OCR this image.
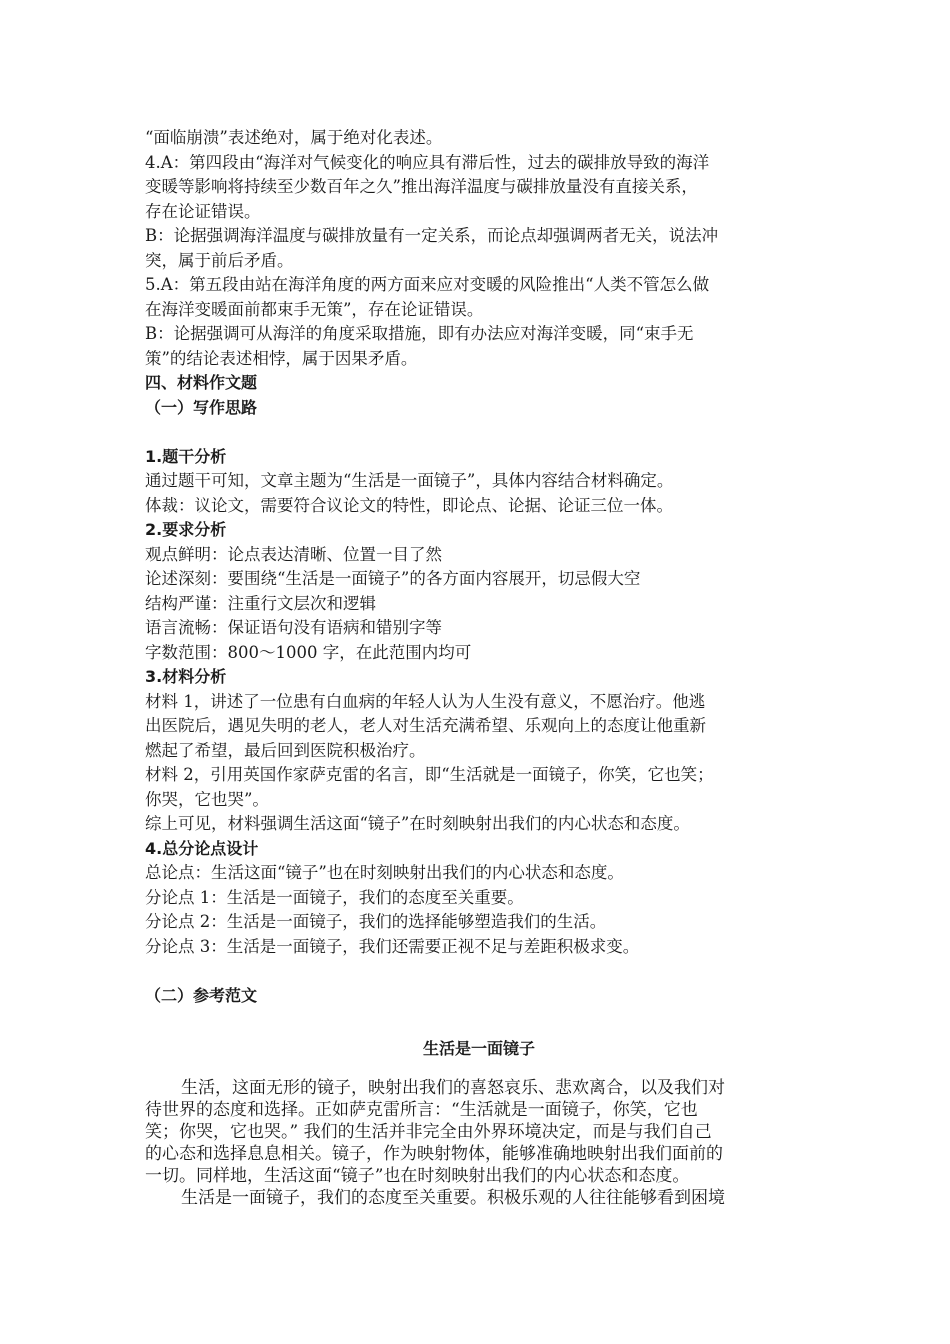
“面临崩溃”表述绝对，属于绝对化表述。

4.A：第四段由“海洋对气候变化的响应具有滞后性，过去的碳排放导致的海洋

变暖等影响将持续至少数百年之久”推出海洋温度与碳排放量没有直接关系，

存在论证错误。

B：论据强调海洋温度与碳排放量有一定关系，而论点却强调两者无关，说法冲

突，属于前后矛盾。

5.A：第五段由站在海洋角度的两方面来应对变暖的风险推出“人类不管怎么做

在海洋变暖面前都束手无策”，存在论证错误。

B：论据强调可从海洋的角度采取措施，即有办法应对海洋变暖，同“束手无

策”的结论表述相悖，属于因果矛盾。

四、材料作文题

（一）写作思路

1.题干分析

通过题干可知，文章主题为“生活是一面镜子”，具体内容结合材料确定。

体裁：议论文，需要符合议论文的特性，即论点、论据、论证三位一体。

2.要求分析

观点鲜明：论点表达清晰、位置一目了然

论述深刻：要围绕“生活是一面镜子”的各方面内容展开，切忌假大空

结构严谨：注重行文层次和逻辑

语言流畅：保证语句没有语病和错别字等

字数范围：800～1000 字，在此范围内均可

3.材料分析

材料 1，讲述了一位患有白血病的年轻人认为人生没有意义，不愿治疗。他逃

出医院后，遇见失明的老人，老人对生活充满希望、乐观向上的态度让他重新

燃起了希望，最后回到医院积极治疗。

材料 2，引用英国作家萨克雷的名言，即“生活就是一面镜子，你笑，它也笑；

你哭，它也哭”。

综上可见，材料强调生活这面“镜子”在时刻映射出我们的内心状态和态度。

4.总分论点设计

总论点：生活这面“镜子”也在时刻映射出我们的内心状态和态度。

分论点 1：生活是一面镜子，我们的态度至关重要。

分论点 2：生活是一面镜子，我们的选择能够塑造我们的生活。

分论点 3：生活是一面镜子，我们还需要正视不足与差距积极求变。

（二）参考范文

生活是一面镜子

生活，这面无形的镜子，映射出我们的喜怒哀乐、悲欢离合，以及我们对

待世界的态度和选择。正如萨克雷所言：“生活就是一面镜子，你笑，它也

笑；你哭，它也哭。” 我们的生活并非完全由外界环境决定，而是与我们自己

的心态和选择息息相关。镜子，作为映射物体，能够准确地映射出我们面前的

一切。同样地，生活这面“镜子”也在时刻映射出我们的内心状态和态度。

生活是一面镜子，我们的态度至关重要。积极乐观的人往往能够看到困境
